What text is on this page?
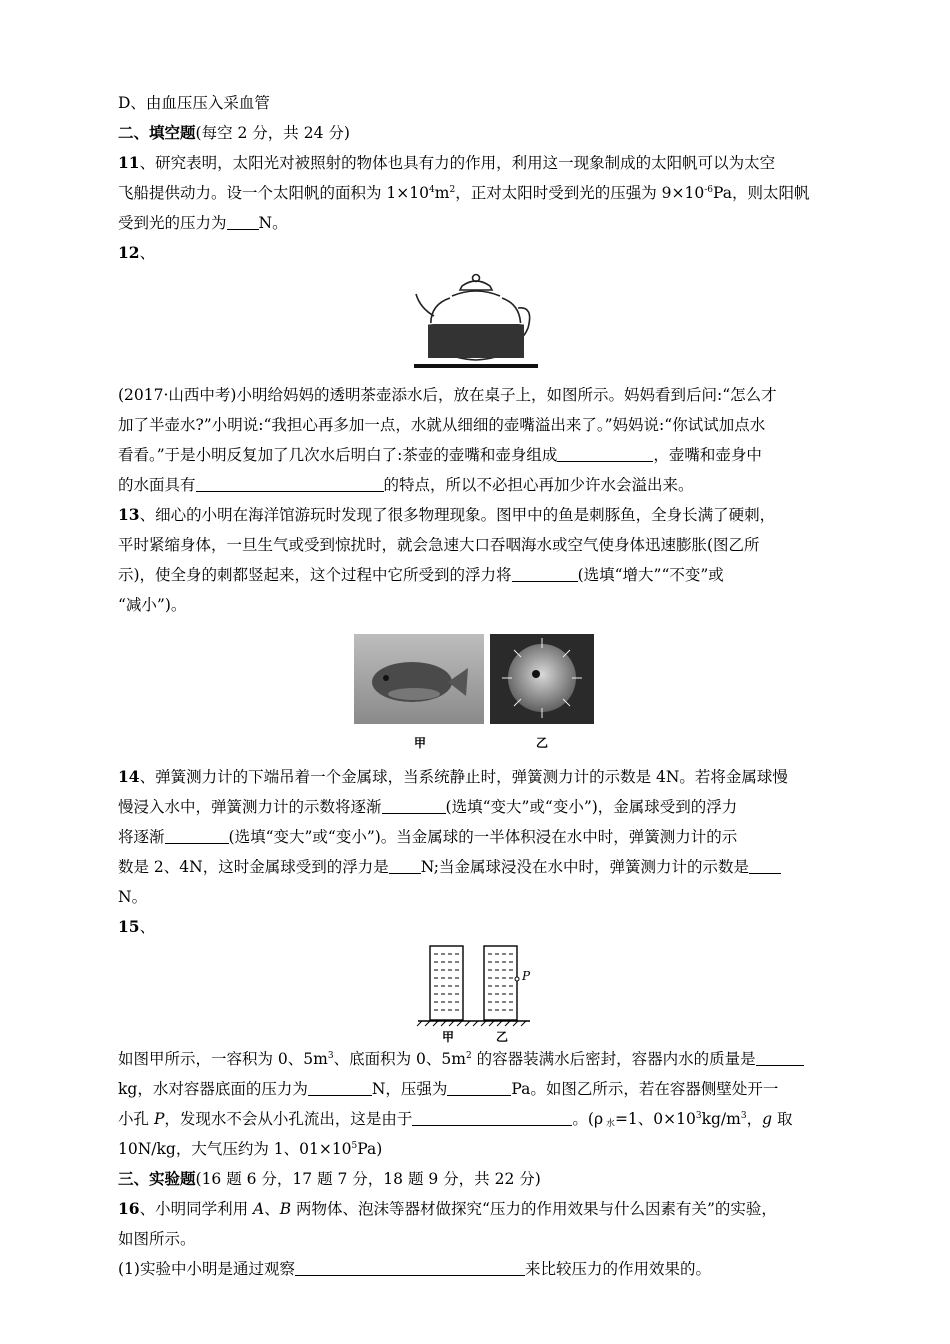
D、由血压压入采血管
二、填空题(每空 2 分，共 24 分)
11、研究表明，太阳光对被照射的物体也具有力的作用，利用这一现象制成的太阳帆可以为太空
飞船提供动力。设一个太阳帆的面积为 $1\times 10^4m^2$，正对太阳时受到光的压强为 $9\times 10^{-6}Pa$，则太阳帆
受到光的压力为 N。
12、
(2017·山西中考)小明给妈妈的透明茶壶添水后，放在桌子上，如图所示。妈妈看到后问:“怎么才
加了半壶水?”小明说:“我担心再多加一点，水就从细细的壶嘴溢出来了。”妈妈说:“你试试加点水
看看。”于是小明反复加了几次水后明白了:茶壶的壶嘴和壶身组成	，壶嘴和壶身中
的水面具有	的特点，所以不必担心再加少许水会溢出来。
13、细心的小明在海洋馆游玩时发现了很多物理现象。图甲中的鱼是刺豚鱼，全身长满了硬刺，
平时紧缩身体，一旦生气或受到惊扰时，就会急速大口吞咽海水或空气使身体迅速膨胀(图乙所
示)，使全身的刺都竖起来，这个过程中它所受到的浮力将	(选填“增大”“不变”或
“减小”)。
甲	乙
14、弹簧测力计的下端吊着一个金属球，当系统静止时，弹簧测力计的示数是 4N。若将金属球慢
慢浸入水中，弹簧测力计的示数将逐渐	(选填“变大”或“变小”)，金属球受到的浮力
将逐渐	(选填“变大”或“变小”)。当金属球的一半体积浸在水中时，弹簧测力计的示
数是 2、4N，这时金属球受到的浮力是 N;当金属球浸没在水中时，弹簧测力计的示数是
N。
15、
P
甲	乙
如图甲所示，一容积为 0、$5m^3$、底面积为 0、$5m^2$ 的容器装满水后密封，容器内水的质量是
kg，水对容器底面的压力为	N，压强为	Pa。如图乙所示，若在容器侧壁处开一
小孔 P，发现水不会从小孔流出，这是由于	。(ρ $_水$=1、$0\times 10^3kg/m^3$，g 取
10N/kg，大气压约为 1、$01\times 10^5Pa$)
三、实验题(16 题 6 分，17 题 7 分，18 题 9 分，共 22 分)
16、小明同学利用 A、B 两物体、泡沫等器材做探究“压力的作用效果与什么因素有关”的实验，
如图所示。
(1)实验中小明是通过观察	来比较压力的作用效果的。
